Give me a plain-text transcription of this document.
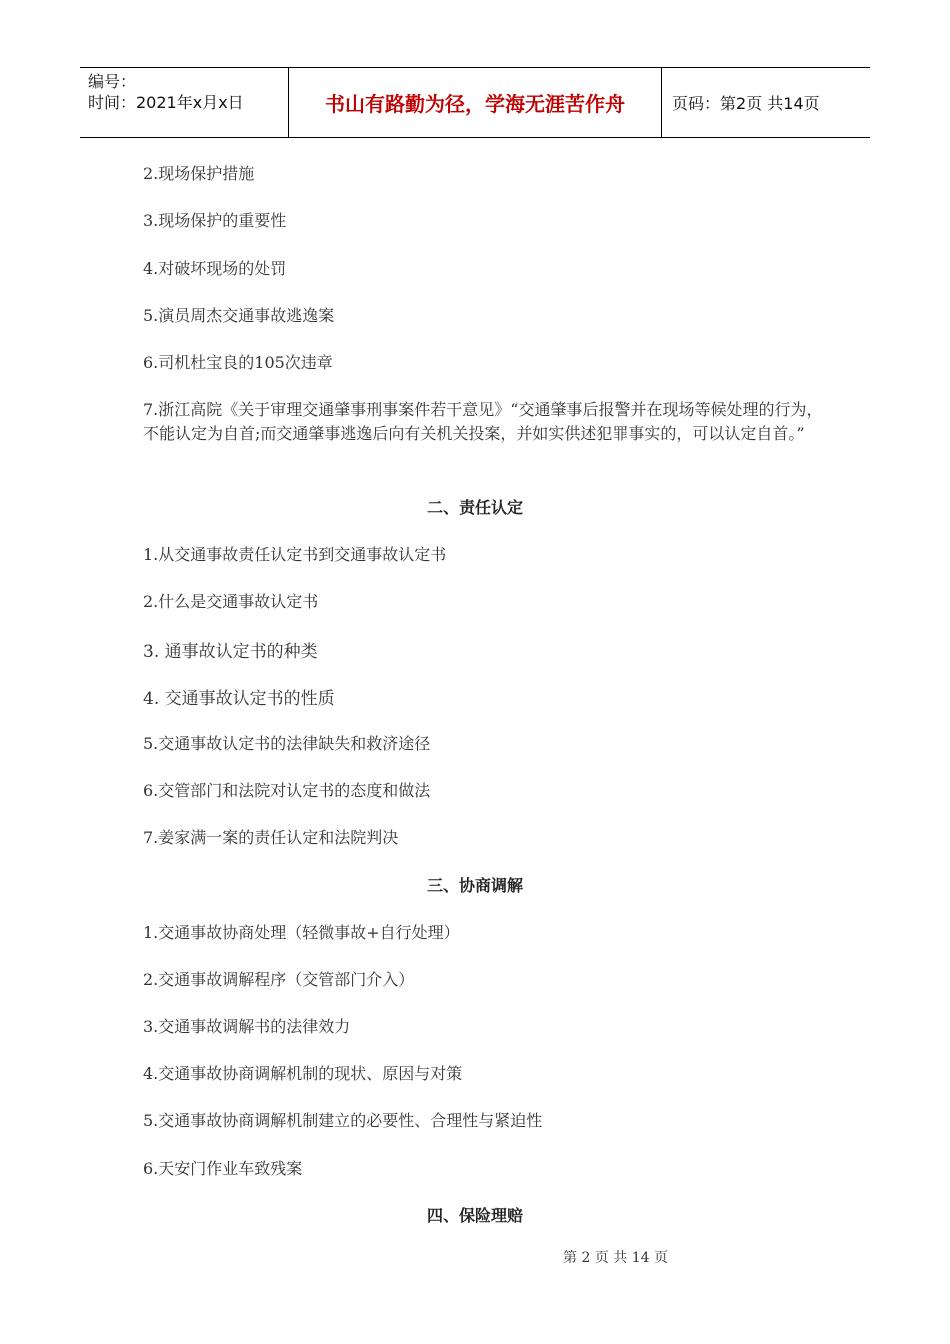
编号：
时间：2021年x月x日	书山有路勤为径，学海无涯苦作舟	页码：第2页 共14页
2.现场保护措施
3.现场保护的重要性
4.对破坏现场的处罚
5.演员周杰交通事故逃逸案
6.司机杜宝良的105次违章
7.浙江高院《关于审理交通肇事刑事案件若干意见》“交通肇事后报警并在现场等候处理的行为，不能认定为自首;而交通肇事逃逸后向有关机关投案，并如实供述犯罪事实的，可以认定自首。”
二、责任认定
1.从交通事故责任认定书到交通事故认定书
2.什么是交通事故认定书
3. 通事故认定书的种类
4. 交通事故认定书的性质
5.交通事故认定书的法律缺失和救济途径
6.交管部门和法院对认定书的态度和做法
7.姜家满一案的责任认定和法院判决
三、协商调解
1.交通事故协商处理（轻微事故+自行处理）
2.交通事故调解程序（交管部门介入）
3.交通事故调解书的法律效力
4.交通事故协商调解机制的现状、原因与对策
5.交通事故协商调解机制建立的必要性、合理性与紧迫性
6.天安门作业车致残案
四、保险理赔
第 2 页 共 14 页
